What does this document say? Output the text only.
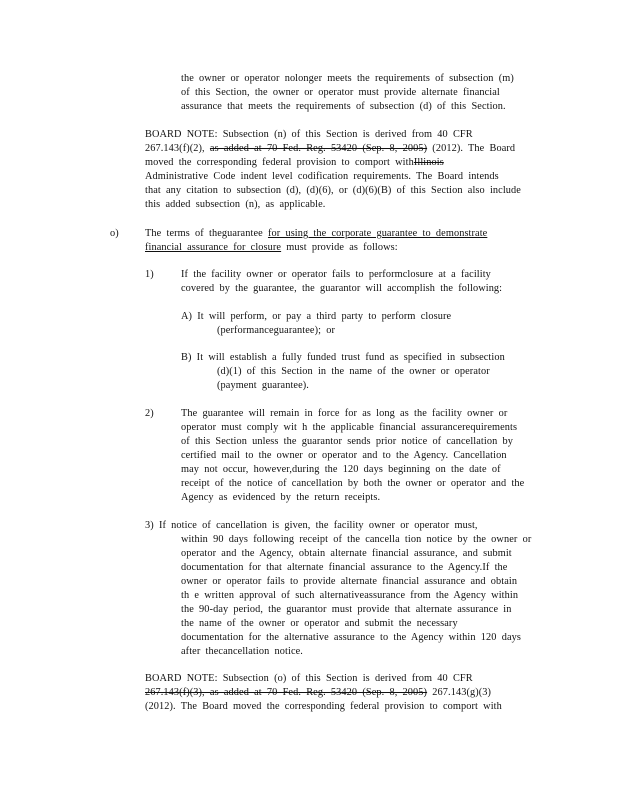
the owner or operator nolonger meets the requirements of subsection (m)
of this Section, the owner or operator must provide alternate financial
assurance that meets the requirements of subsection (d) of this Section.
BOARD NOTE: Subsection (n) of this Section is derived from 40 CFR
267.143(f)(2), as added at 70 Fed. Reg. 53420 (Sep. 8, 2005) (2012). The Board
moved the corresponding federal provision to comport withIllinois
Administrative Code indent level codification requirements. The Board intends
that any citation to subsection (d), (d)(6), or (d)(6)(B) of this Section also include
this added subsection (n), as applicable.
o)	The terms of theguarantee for using the corporate guarantee to demonstrate
financial assurance for closure must provide as follows:
1)	If the facility owner or operator fails to performclosure at a facility
covered by the guarantee, the guarantor will accomplish the following:
A) It will perform, or pay a third party to perform closure
(performanceguarantee); or
B) It will establish a fully funded trust fund as specified in subsection
(d)(1) of this Section in the name of the owner or operator
(payment guarantee).
2)	The guarantee will remain in force for as long as the facility owner or
operator must comply wit h the applicable financial assurancerequirements
of this Section unless the guarantor sends prior notice of cancellation by
certified mail to the owner or operator and to the Agency. Cancellation
may not occur, however,during the 120 days beginning on the date of
receipt of the notice of cancellation by both the owner or operator and the
Agency as evidenced by the return receipts.
3) If notice of cancellation is given, the facility owner or operator must,
within 90 days following receipt of the cancella tion notice by the owner or
operator and the Agency, obtain alternate financial assurance, and submit
documentation for that alternate financial assurance to the Agency.If the
owner or operator fails to provide alternate financial assurance and obtain
th e written approval of such alternativeassurance from the Agency within
the 90-day period, the guarantor must provide that alternate assurance in
the name of the owner or operator and submit the necessary
documentation for the alternative assurance to the Agency within 120 days
after thecancellation notice.
BOARD NOTE: Subsection (o) of this Section is derived from 40 CFR
267.143(f)(3), as added at 70 Fed. Reg. 53420 (Sep. 8, 2005) 267.143(g)(3)
(2012). The Board moved the corresponding federal provision to comport with
